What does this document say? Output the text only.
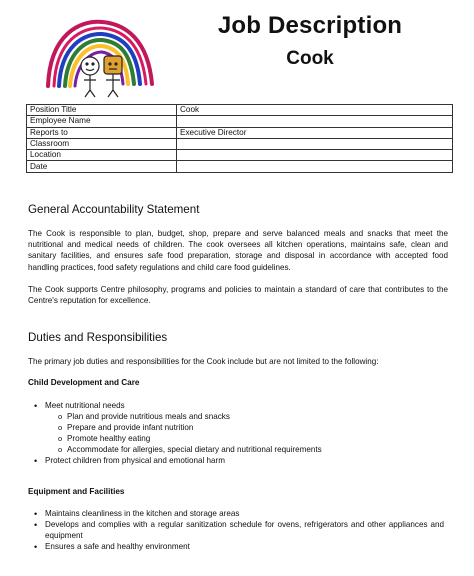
Job Description
Cook
Position Title	Cook
Employee Name	
Reports to	Executive Director
Classroom	
Location	
Date	
General Accountability Statement

The Cook is responsible to plan, budget, shop, prepare and serve balanced meals and snacks that meet the nutritional and medical needs of children. The cook oversees all kitchen operations, maintains safe, clean and sanitary facilities, and ensures safe food preparation, storage and disposal in accordance with accepted food handling practices, food safety regulations and child care food guidelines.

The Cook supports Centre philosophy, programs and policies to maintain a standard of care that contributes to the Centre's reputation for excellence.

Duties and Responsibilities

The primary job duties and responsibilities for the Cook include but are not limited to the following:

Child Development and Care
• Meet nutritional needs
o Plan and provide nutritious meals and snacks
o Prepare and provide infant nutrition
o Promote healthy eating
o Accommodate for allergies, special dietary and nutritional requirements
• Protect children from physical and emotional harm
Equipment and Facilities
• Maintains cleanliness in the kitchen and storage areas
• Develops and complies with a regular sanitization schedule for ovens, refrigerators and other appliances and equipment
• Ensures a safe and healthy environment
